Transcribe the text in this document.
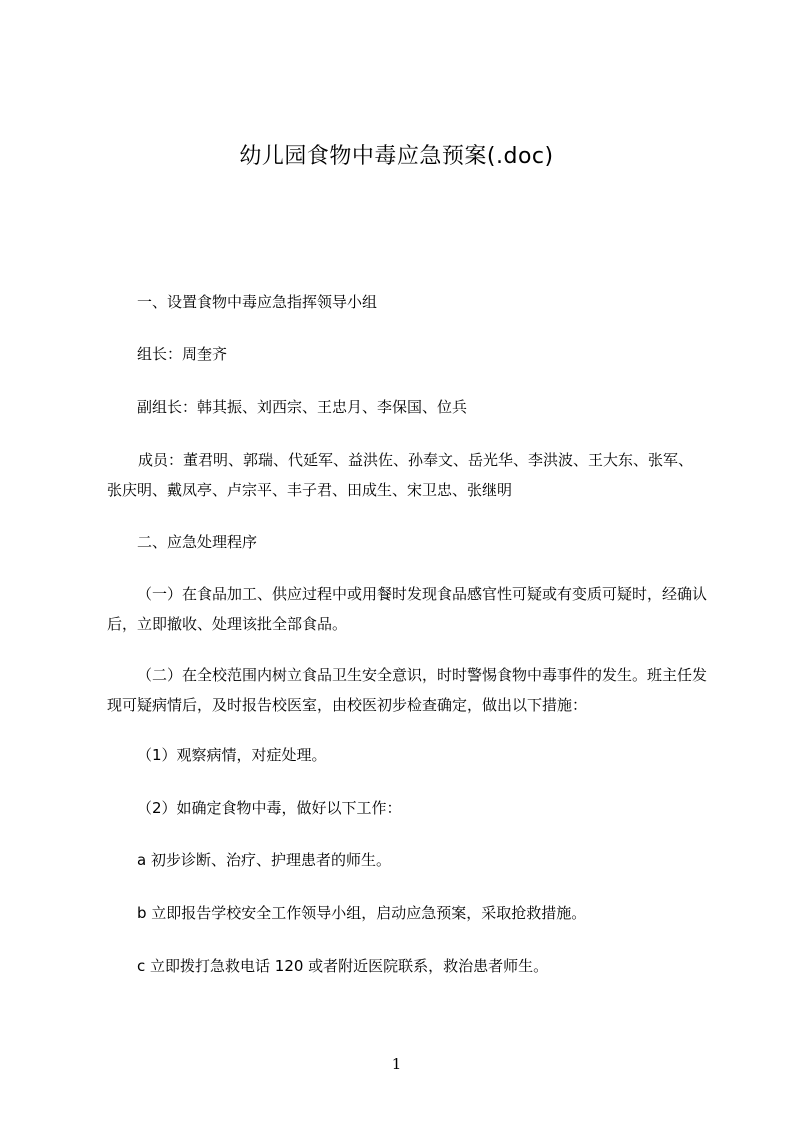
幼儿园食物中毒应急预案(.doc)

一、设置食物中毒应急指挥领导小组

组长：周奎齐

副组长：韩其振、刘西宗、王忠月、李保国、位兵

成员：董君明、郭瑞、代延军、益洪佐、孙奉文、岳光华、李洪波、王大东、张军、张庆明、戴凤亭、卢宗平、丰子君、田成生、宋卫忠、张继明

二、应急处理程序

（一）在食品加工、供应过程中或用餐时发现食品感官性可疑或有变质可疑时，经确认后，立即撤收、处理该批全部食品。

（二）在全校范围内树立食品卫生安全意识，时时警惕食物中毒事件的发生。班主任发现可疑病情后，及时报告校医室，由校医初步检查确定，做出以下措施：

（1）观察病情，对症处理。

（2）如确定食物中毒，做好以下工作：

a 初步诊断、治疗、护理患者的师生。

b 立即报告学校安全工作领导小组，启动应急预案，采取抢救措施。

c 立即拨打急救电话 120 或者附近医院联系，救治患者师生。

1
